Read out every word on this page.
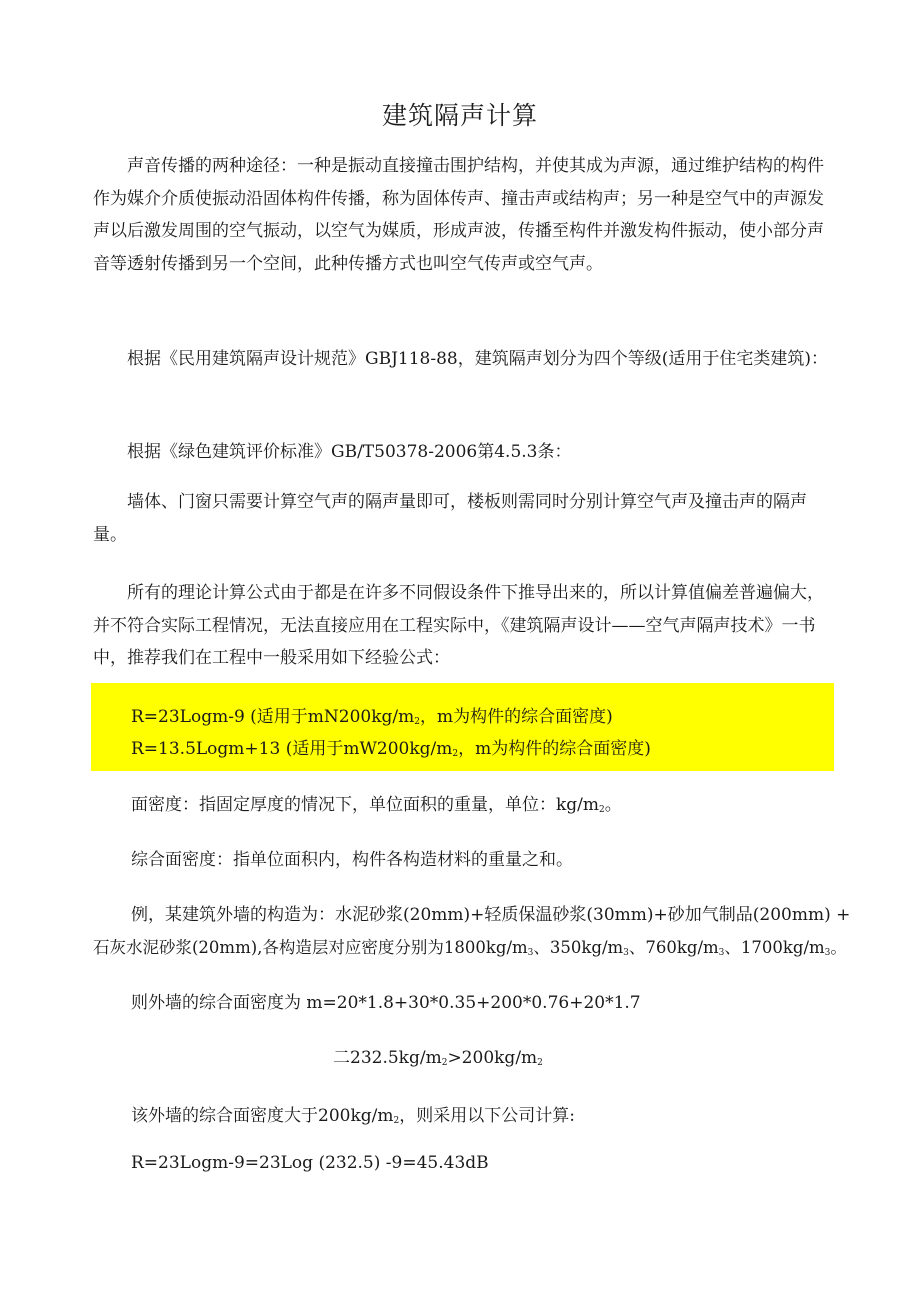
建筑隔声计算

声音传播的两种途径：一种是振动直接撞击围护结构，并使其成为声源，通过维护结构的构件作为媒介介质使振动沿固体构件传播，称为固体传声、撞击声或结构声；另一种是空气中的声源发声以后激发周围的空气振动，以空气为媒质，形成声波，传播至构件并激发构件振动，使小部分声音等透射传播到另一个空间，此种传播方式也叫空气传声或空气声。

根据《民用建筑隔声设计规范》GBJ118-88，建筑隔声划分为四个等级(适用于住宅类建筑)：

根据《绿色建筑评价标准》GB/T50378-2006第4.5.3条：

墙体、门窗只需要计算空气声的隔声量即可，楼板则需同时分别计算空气声及撞击声的隔声量。

所有的理论计算公式由于都是在许多不同假设条件下推导出来的，所以计算值偏差普遍偏大，并不符合实际工程情况，无法直接应用在工程实际中，《建筑隔声设计——空气声隔声技术》一书中，推荐我们在工程中一般采用如下经验公式：

R=23Logm-9 (适用于$mN200kg/m_2$，m为构件的综合面密度)
R=13.5Logm+13 (适用于$mW200kg/m_2$，m为构件的综合面密度)
面密度：指固定厚度的情况下，单位面积的重量，单位：$kg/m_2$。
综合面密度：指单位面积内，构件各构造材料的重量之和。
例，某建筑外墙的构造为：水泥砂浆(20mm)+轻质保温砂浆(30mm)+砂加气制品(200mm) +
石灰水泥砂浆(20mm),各构造层对应密度分别为$1800kg/m_3$、$350kg/m_3$、$760kg/m_3$、$1700kg/m_3$。
则外墙的综合面密度为 m=20*1.8+30*0.35+200*0.76+20*1.7
二$232.5kg/m_2>200kg/m_2$
该外墙的综合面密度大于$200kg/m_2$，则采用以下公司计算:
R=23Logm-9=23Log (232.5) -9=45.43dB
